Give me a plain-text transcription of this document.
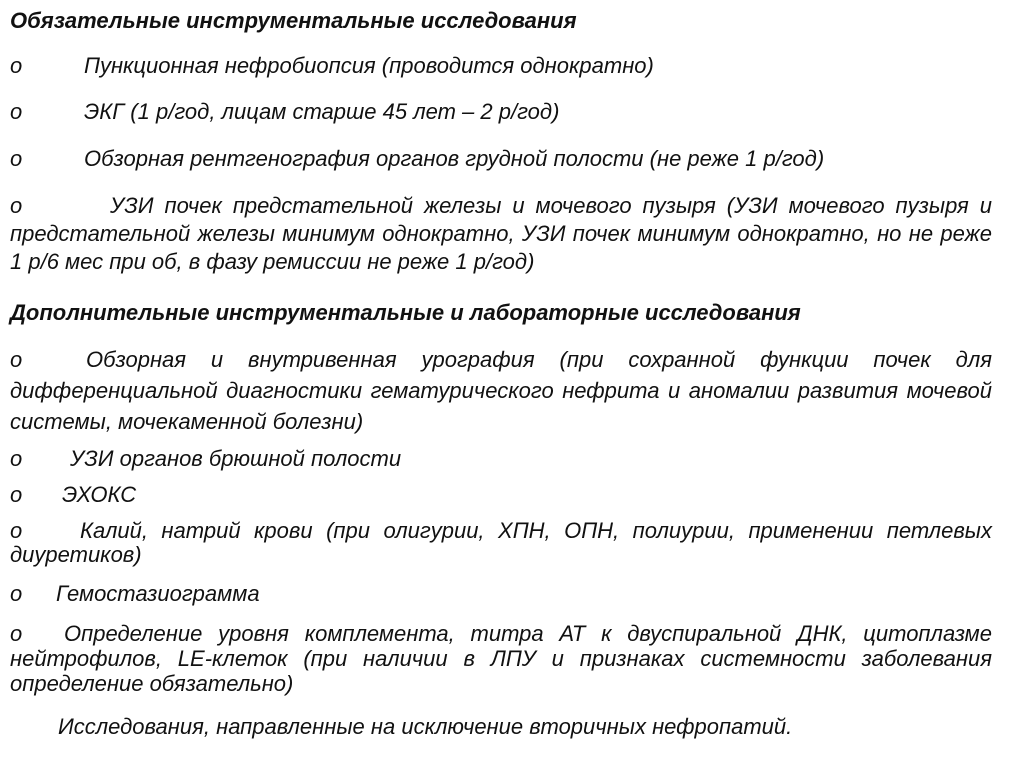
Обязательные инструментальные исследования
o	Пункционная нефробиопсия (проводится однократно)
o	ЭКГ (1 р/год, лицам старше 45 лет – 2 р/год)
o	Обзорная рентгенография органов грудной полости (не реже 1 р/год)
o	УЗИ почек предстательной железы и мочевого пузыря (УЗИ мочевого пузыря и предстательной железы минимум однократно, УЗИ почек минимум однократно, но не реже 1 р/6 мес при об, в фазу ремиссии не реже 1 р/год)
Дополнительные инструментальные и лабораторные исследования
o	Обзорная и внутривенная урография (при сохранной функции почек для дифференциальной диагностики гематурического нефрита и аномалии развития мочевой системы, мочекаменной болезни)
o УЗИ органов брюшной полости
o ЭХОКС
o	Калий, натрий крови (при олигурии, ХПН, ОПН, полиурии, применении петлевых диуретиков)
o Гемостазиограмма
o Определение уровня комплемента, титра АТ к двуспиральной ДНК, цитоплазме нейтрофилов, LE-клеток (при наличии в ЛПУ и признаках системности заболевания определение обязательно)
Исследования, направленные на исключение вторичных нефропатий.
